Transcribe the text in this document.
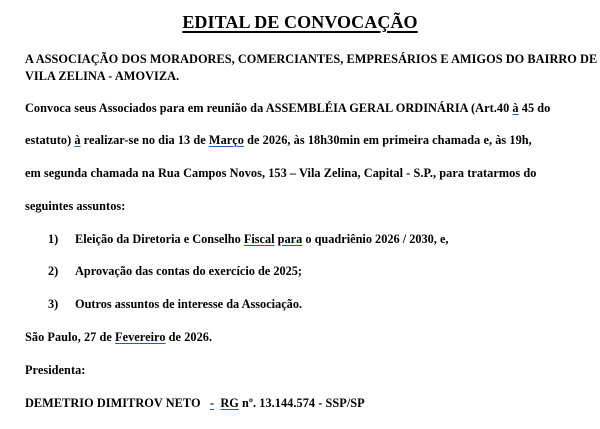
EDITAL DE CONVOCAÇÃO
A ASSOCIAÇÃO DOS MORADORES, COMERCIANTES, EMPRESÁRIOS E AMIGOS DO BAIRRO DE
VILA ZELINA - AMOVIZA.
Convoca seus Associados para em reunião da ASSEMBLÉIA GERAL ORDINÁRIA (Art.40 à 45 do
estatuto) à realizar-se no dia 13 de Março de 2026, às 18h30min em primeira chamada e, às 19h,
em segunda chamada na Rua Campos Novos, 153 – Vila Zelina, Capital - S.P., para tratarmos do
seguintes assuntos:
1) Eleição da Diretoria e Conselho Fiscal para o quadriênio 2026 / 2030, e,
2) Aprovação das contas do exercício de 2025;
3) Outros assuntos de interesse da Associação.
São Paulo, 27 de Fevereiro de 2026.
Presidenta:
DEMETRIO DIMITROV NETO   - RG nº. 13.144.574 - SSP/SP
